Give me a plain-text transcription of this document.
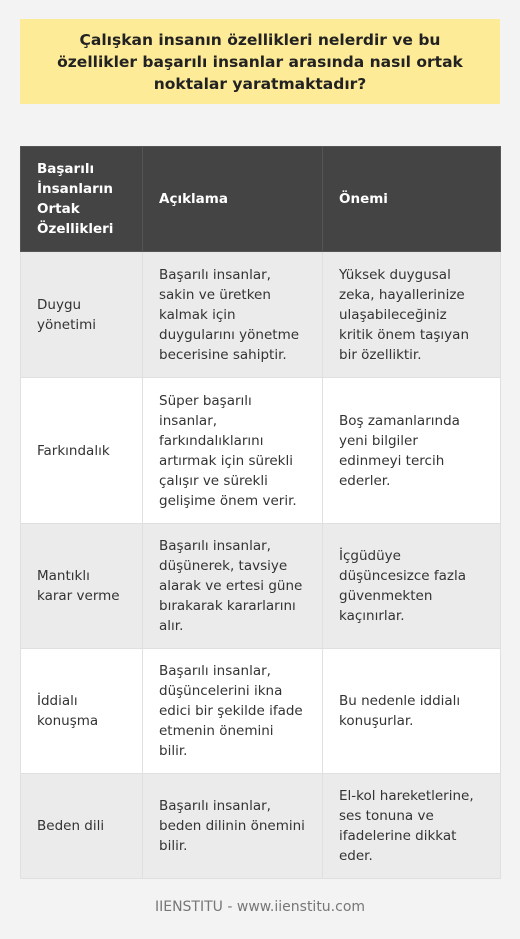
Çalışkan insanın özellikleri nelerdir ve bu özellikler başarılı insanlar arasında nasıl ortak noktalar yaratmaktadır?
Başarılı İnsanların Ortak Özellikleri	Açıklama	Önemi
Duygu yönetimi	Başarılı insanlar, sakin ve üretken kalmak için duygularını yönetme becerisine sahiptir.	Yüksek duygusal zeka, hayallerinize ulaşabileceğiniz kritik önem taşıyan bir özelliktir.
Farkındalık	Süper başarılı insanlar, farkındalıklarını artırmak için sürekli çalışır ve sürekli gelişime önem verir.	Boş zamanlarında yeni bilgiler edinmeyi tercih ederler.
Mantıklı karar verme	Başarılı insanlar, düşünerek, tavsiye alarak ve ertesi güne bırakarak kararlarını alır.	İçgüdüye düşüncesizce fazla güvenmekten kaçınırlar.
İddialı konuşma	Başarılı insanlar, düşüncelerini ikna edici bir şekilde ifade etmenin önemini bilir.	Bu nedenle iddialı konuşurlar.
Beden dili	Başarılı insanlar, beden dilinin önemini bilir.	El-kol hareketlerine, ses tonuna ve ifadelerine dikkat eder.
IIENSTITU - www.iienstitu.com
